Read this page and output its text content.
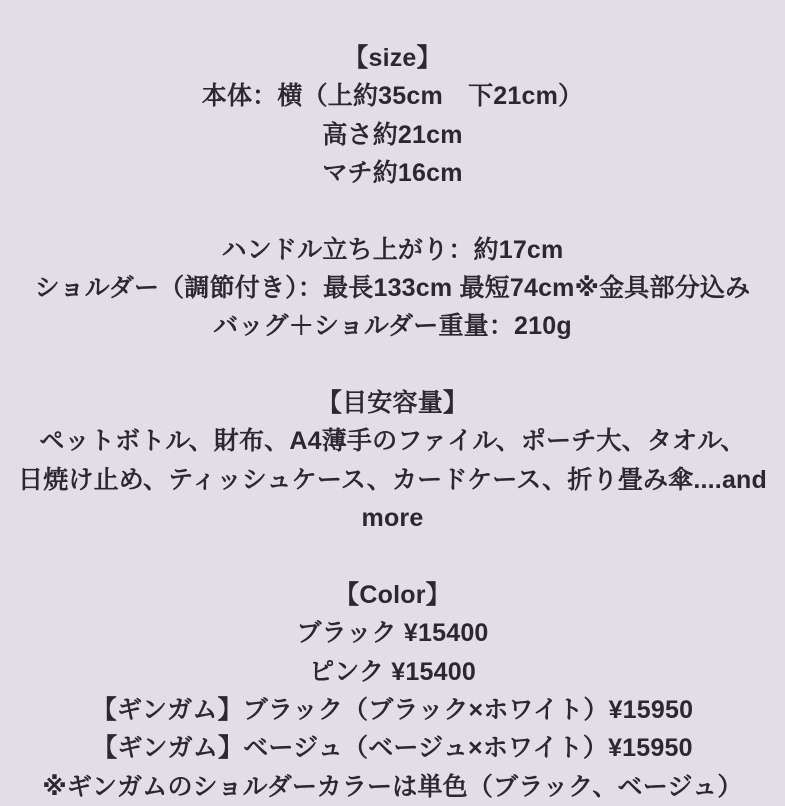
【size】
本体：横（上約35cm　下21cm）
高さ約21cm
マチ約16cm
ハンドル立ち上がり：約17cm
ショルダー（調節付き）：最長133cm 最短74cm※金具部分込み
バッグ＋ショルダー重量：210g
【目安容量】
ペットボトル、財布、A4薄手のファイル、ポーチ大、タオル、
日焼け止め、ティッシュケース、カードケース、折り畳み傘....and
more
【Color】
ブラック ¥15400
ピンク ¥15400
【ギンガム】ブラック（ブラック×ホワイト）¥15950
【ギンガム】ベージュ（ベージュ×ホワイト）¥15950
※ギンガムのショルダーカラーは単色（ブラック、ベージュ）
